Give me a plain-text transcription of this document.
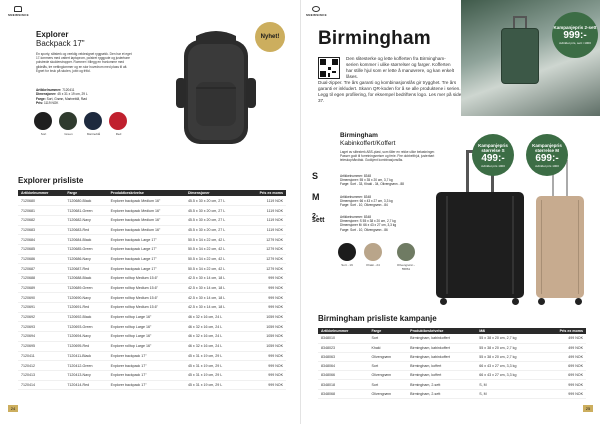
SNEWSINCE
Explorer
Backpack 17"
En sporty, slitsterk og veeldig veldesignet ryggsekk. Den har et eget 17-tommers med vattert laptoprom, polstret ryggpute og justerbare polstrede skulderstropper. Rommer i tillegg en fronlomme med glidelås, tre nettinglommer og en stor hovedrom med plass til alt. Egnet for bruk på skolen, jobb og fritid.
Artikkelnummer: 7120411
Dimensjoner: 45 x 31 x 19 cm, 29 L
Farge: Sort, Grønn, Marineblå, Rød
Pris: 1119 NOK
Sort	Green	Marineblå	Red
Nyhet!
Explorer prisliste
Artikkelnummer	Farge	Produktbeskrivelse	Dimensjoner	Pris ex moms
7120680	7120680-Black	Explorer backpack Medium 16"	45.5 x 30 x 20 cm, 27 L	1119 NOK
7120681	7120681-Green	Explorer backpack Medium 16"	45.5 x 30 x 20 cm, 27 L	1119 NOK
7120682	7120682-Navy	Explorer backpack Medium 16"	45.5 x 30 x 20 cm, 27 L	1119 NOK
7120683	7120683-Red	Explorer backpack Medium 16"	45.5 x 30 x 20 cm, 27 L	1119 NOK
7120684	7120684-Black	Explorer backpack Large 17"	50.5 x 34 x 22 cm, 42 L	1279 NOK
7120685	7120685-Green	Explorer backpack Large 17"	50.5 x 34 x 22 cm, 42 L	1279 NOK
7120686	7120686-Navy	Explorer backpack Large 17"	50.5 x 34 x 22 cm, 42 L	1279 NOK
7120687	7120687-Red	Explorer backpack Large 17"	50.5 x 34 x 22 cm, 42 L	1279 NOK
7120688	7120688-Black	Explorer rolltop Medium 15.6"	42.5 x 30 x 14 cm, 18 L	999 NOK
7120689	7120689-Green	Explorer rolltop Medium 15.6"	42.5 x 30 x 14 cm, 18 L	999 NOK
7120690	7120690-Navy	Explorer rolltop Medium 15.6"	42.5 x 30 x 14 cm, 18 L	999 NOK
7120691	7120691-Red	Explorer rolltop Medium 15.6"	42.5 x 30 x 14 cm, 18 L	999 NOK
7120692	7120692-Black	Explorer rolltop Large 16"	46 x 32 x 16 cm, 24 L	1059 NOK
7120693	7120693-Green	Explorer rolltop Large 16"	46 x 32 x 16 cm, 24 L	1059 NOK
7120694	7120694-Navy	Explorer rolltop Large 16"	46 x 32 x 16 cm, 24 L	1059 NOK
7120695	7120695-Red	Explorer rolltop Large 16"	46 x 32 x 16 cm, 24 L	1059 NOK
7120411	7120411-Black	Explorer backpack 17"	45 x 31 x 19 cm, 29 L	999 NOK
7120412	7120412-Green	Explorer backpack 17"	45 x 31 x 19 cm, 29 L	999 NOK
7120413	7120413-Navy	Explorer backpack 17"	45 x 31 x 19 cm, 29 L	999 NOK
7120414	7120414-Red	Explorer backpack 17"	45 x 31 x 19 cm, 29 L	999 NOK
24
SNEWSINCE
Birmingham
Den slitesterke og lette kofferten fra Birmingham-serien kommer i ulike størrelser og farger. Kofferten har stille hjul som er lette å manøvrere, og kan enkelt låses.
Dual-zipper. Tre års garanti og kombinasjonslås gir trygghet. Tre års garanti er inkludert. Skann QR-koden for å se alle produktene i serien. Legg til egen profilering, for eksempel bedriftens logo. Les mer på side 37.
Kampanjepris 2-sett
999:-
Avbildet pris, sett i 1000
Birmingham
Kabinkoffert/Koffert
Laget av slitesterk ABS-plast, som tåler en rekke ulike belastninger. Passer godt til forretningsreiser og ferie. Fire dobbelthjul, justerbart teleskophåndtak. Godkjent kombinasjonslås.
S	Artikkelnummer: 8348
Dimensjoner: 55 x 35 x 20 cm, 3,7 kg
Farge: Sort - 33, Khaki - 34, Olivengrønn - 88
M	Artikkelnummer: 8348
Dimensjoner: 66 x 43 x 27 cm, 3,3 kg
Farge: Sort - 10, Olivengrønn - 84
2-sett
Artikkelnummer: 8348
Dimensjoner: S 55 x 38 x 20 cm, 2,7 kg
Dimensjoner M: 66 x 43 x 27 cm, 3,3 kg
Farge: Sort - 10, Olivengrønn - 86
Sort - 19	Khaki - 24	Olivengrønn - 55861
Kampanjepris størrelse S
499:-
Avbildet pris 1000
Kampanjepris størrelse M
699:-
Avbildet pris 1000
Birmingham prisliste kampanje
Artikkelnummer	Farge	Produktbeskrivelse	Mål	Pris ex moms
8348010	Sort	Birmingham, kabinkoffert	55 x 38 x 20 cm, 2,7 kg	499 NOK
8348023	Khaki	Birmingham, kabinkoffert	55 x 38 x 20 cm, 2,7 kg	499 NOK
8348063	Olivengrønn	Birmingham, kabinkoffert	55 x 38 x 20 cm, 2,7 kg	499 NOK
8348064	Sort	Birmingham, koffert	66 x 43 x 27 cm, 3,3 kg	699 NOK
8348066	Olivengrønn	Birmingham, koffert	66 x 43 x 27 cm, 3,3 kg	699 NOK
8348018	Sort	Birmingham, 2-sett	S, M	999 NOK
8348068	Olivengrønn	Birmingham, 2-sett	S, M	999 NOK
25
